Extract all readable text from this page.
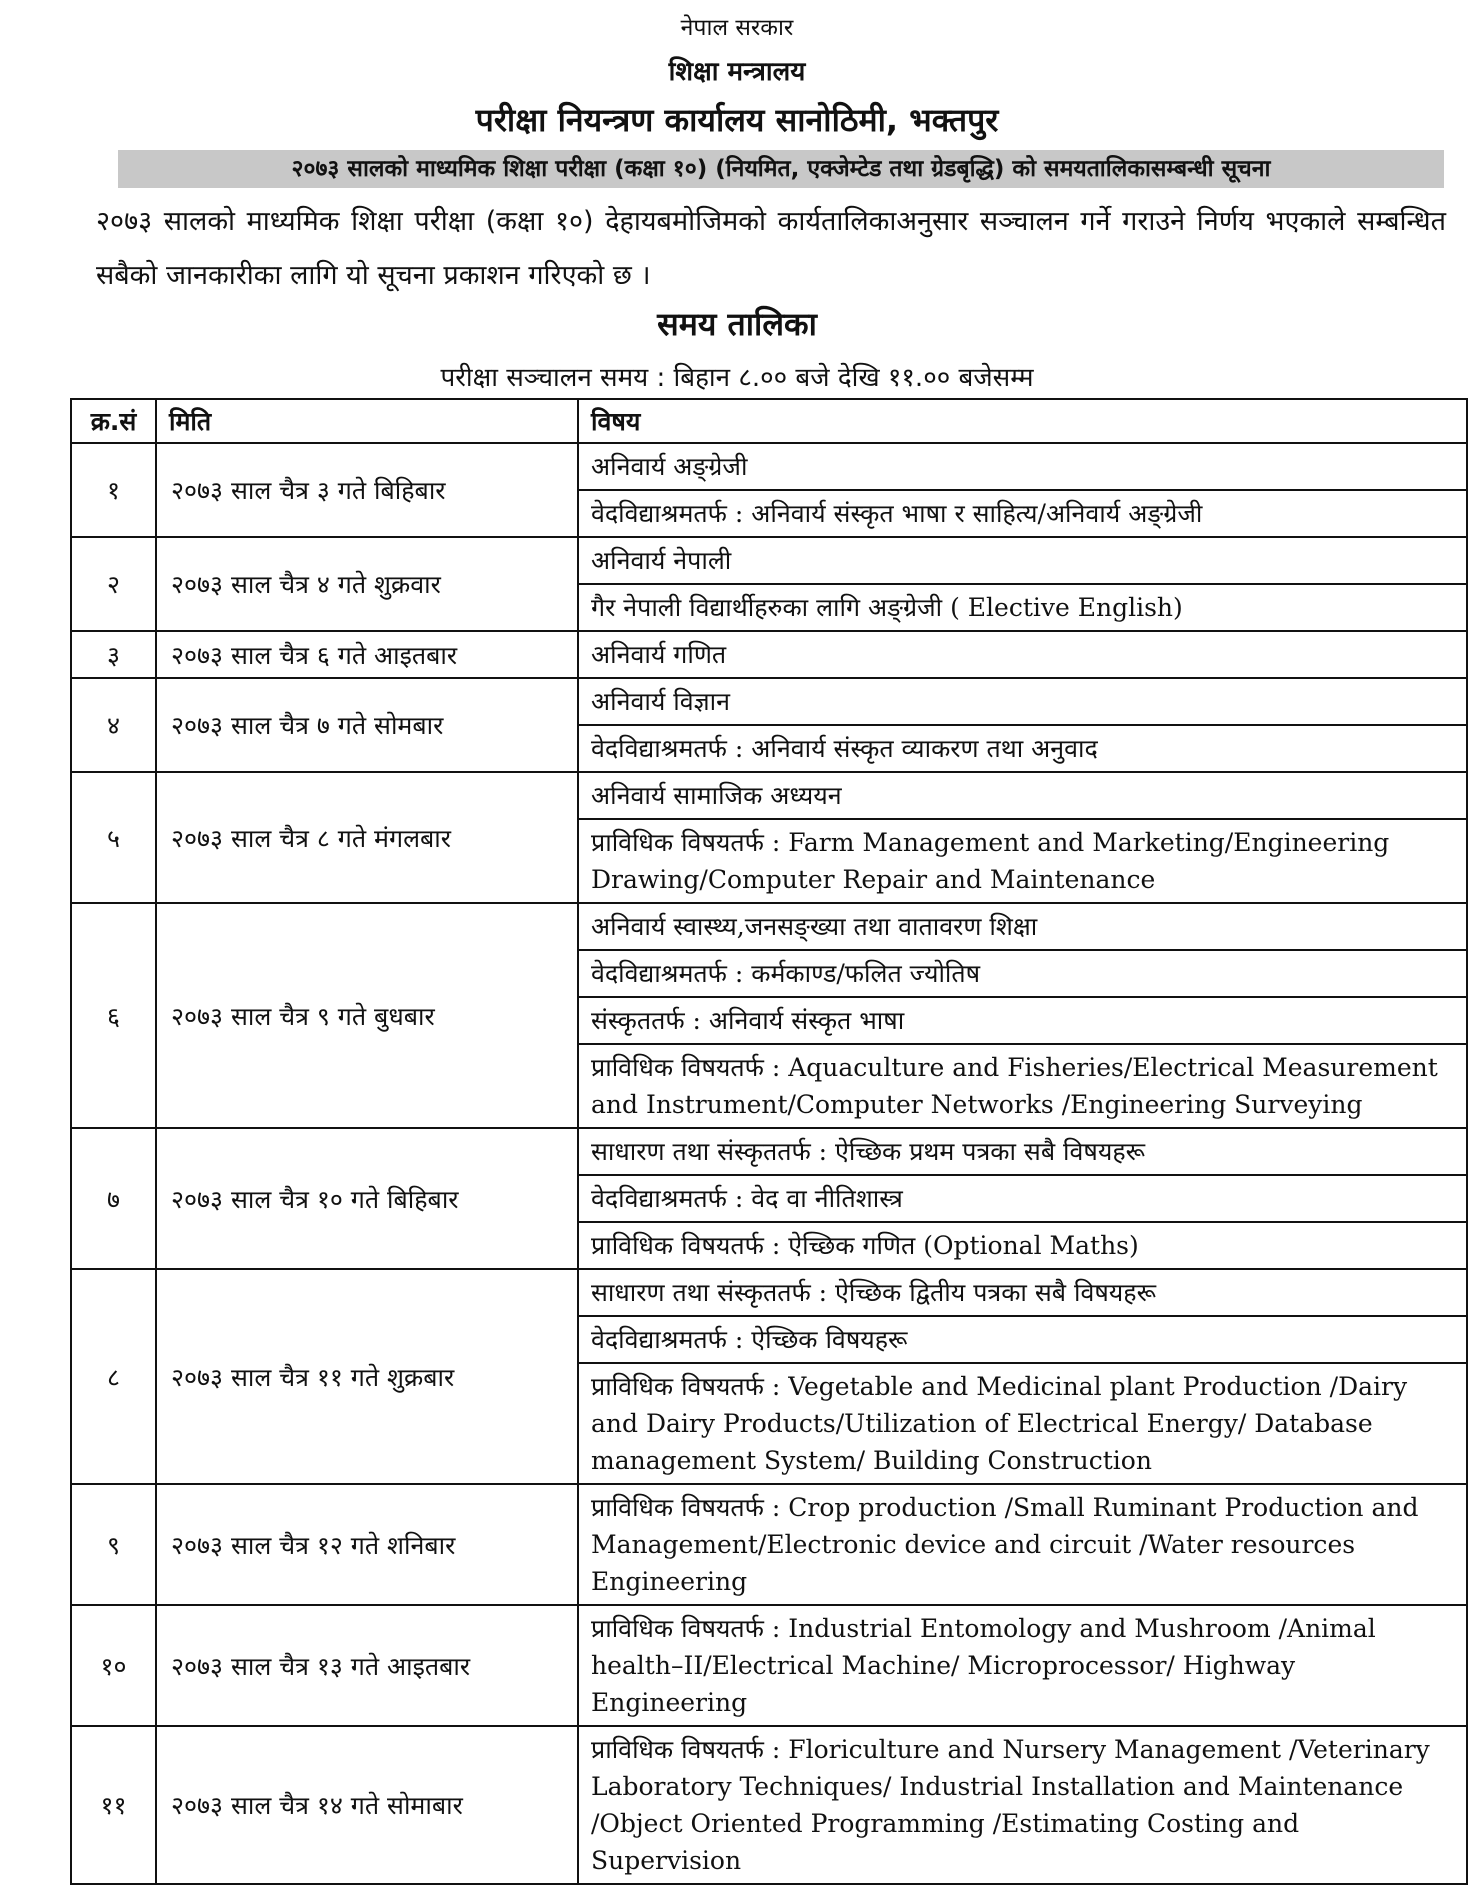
नेपाल सरकार
शिक्षा मन्त्रालय
परीक्षा नियन्त्रण कार्यालय सानोठिमी, भक्तपुर
२०७३ सालको माध्यमिक शिक्षा परीक्षा (कक्षा १०) (नियमित, एक्जेम्टेड तथा ग्रेडबृद्धि) को समयतालिकासम्बन्धी सूचना
२०७३ सालको माध्यमिक शिक्षा परीक्षा (कक्षा १०) देहायबमोजिमको कार्यतालिकाअनुसार सञ्चालन गर्ने गराउने निर्णय भएकाले सम्बन्धित सबैको जानकारीका लागि यो सूचना प्रकाशन गरिएको छ ।
समय तालिका
परीक्षा सञ्चालन समय : बिहान ८.०० बजे देखि ११.०० बजेसम्म
क्र.सं	मिति	विषय
१	२०७३ साल चैत्र ३ गते बिहिबार	अनिवार्य अङ्ग्रेजी
		वेदविद्याश्रमतर्फ : अनिवार्य संस्कृत भाषा र साहित्य/अनिवार्य अङ्ग्रेजी
२	२०७३ साल चैत्र ४ गते शुक्रवार	अनिवार्य नेपाली
		गैर नेपाली विद्यार्थीहरुका लागि अङ्ग्रेजी ( Elective English)
३	२०७३ साल चैत्र ६ गते आइतबार	अनिवार्य गणित
४	२०७३ साल चैत्र ७ गते सोमबार	अनिवार्य विज्ञान
		वेदविद्याश्रमतर्फ : अनिवार्य संस्कृत व्याकरण तथा अनुवाद
५	२०७३ साल चैत्र ८ गते मंगलबार	अनिवार्य सामाजिक अध्ययन
		प्राविधिक विषयतर्फ : Farm Management and Marketing/Engineering Drawing/Computer Repair and Maintenance
६	२०७३ साल चैत्र ९ गते बुधबार	अनिवार्य स्वास्थ्य,जनसङ्ख्या तथा वातावरण शिक्षा
		वेदविद्याश्रमतर्फ : कर्मकाण्ड/फलित ज्योतिष
		संस्कृततर्फ : अनिवार्य संस्कृत भाषा
		प्राविधिक विषयतर्फ : Aquaculture and Fisheries/Electrical Measurement and Instrument/Computer Networks /Engineering Surveying
७	२०७३ साल चैत्र १० गते बिहिबार	साधारण तथा संस्कृततर्फ : ऐच्छिक प्रथम पत्रका सबै विषयहरू
		वेदविद्याश्रमतर्फ : वेद वा नीतिशास्त्र
		प्राविधिक विषयतर्फ : ऐच्छिक गणित (Optional Maths)
८	२०७३ साल चैत्र ११ गते शुक्रबार	साधारण तथा संस्कृततर्फ : ऐच्छिक द्वितीय पत्रका सबै विषयहरू
		वेदविद्याश्रमतर्फ : ऐच्छिक विषयहरू
		प्राविधिक विषयतर्फ : Vegetable and Medicinal plant Production /Dairy and Dairy Products/Utilization of Electrical Energy/ Database management System/ Building Construction
९	२०७३ साल चैत्र १२ गते शनिबार	प्राविधिक विषयतर्फ : Crop production /Small Ruminant Production and Management/Electronic device and circuit /Water resources Engineering
१०	२०७३ साल चैत्र १३ गते आइतबार	प्राविधिक विषयतर्फ : Industrial Entomology and Mushroom /Animal health–II/Electrical Machine/ Microprocessor/ Highway Engineering
११	२०७३ साल चैत्र १४ गते सोमाबार	प्राविधिक विषयतर्फ : Floriculture and Nursery Management /Veterinary Laboratory Techniques/ Industrial Installation and Maintenance /Object Oriented Programming /Estimating Costing and Supervision
